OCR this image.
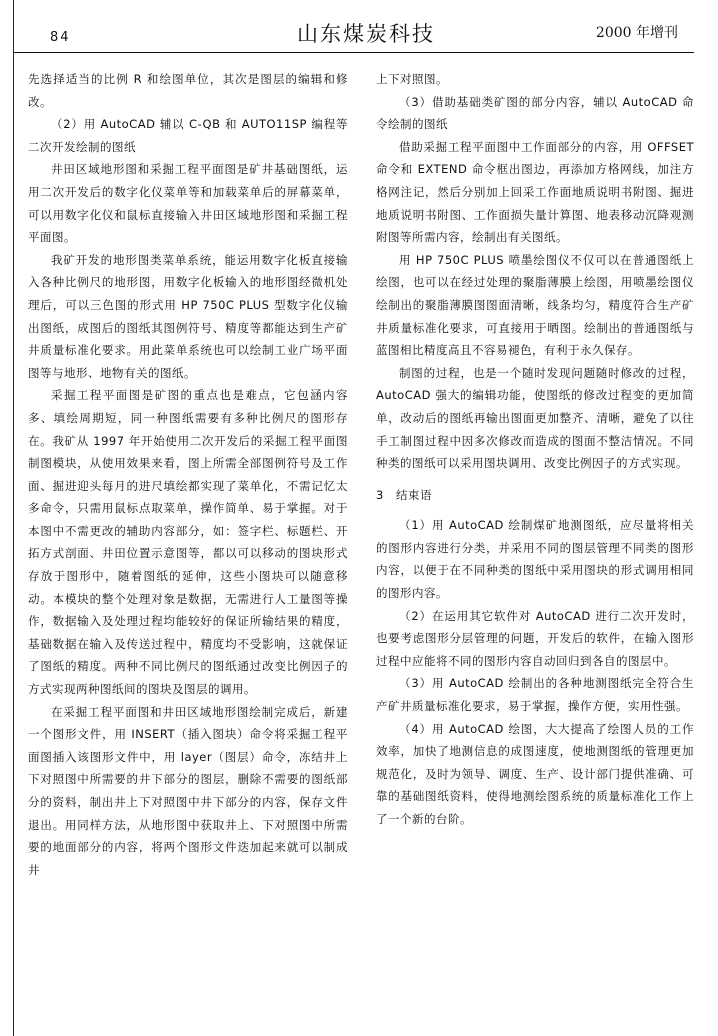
84	山东煤炭科技	2000 年增刊

先选择适当的比例 R 和绘图单位，其次是图层的编辑和修改。

（2）用 AutoCAD 辅以 C-QB 和 AUTO11SP 编程等二次开发绘制的图纸

井田区域地形图和采掘工程平面图是矿井基础图纸，运用二次开发后的数字化仪菜单等和加载菜单后的屏幕菜单，可以用数字化仪和鼠标直接输入井田区域地形图和采掘工程平面图。

我矿开发的地形图类菜单系统，能运用数字化板直接输入各种比例尺的地形图，用数字化板输入的地形图经微机处理后，可以三色图的形式用 HP 750C PLUS 型数字化仪输出图纸，成图后的图纸其图例符号、精度等都能达到生产矿井质量标准化要求。用此菜单系统也可以绘制工业广场平面图等与地形、地物有关的图纸。

采掘工程平面图是矿图的重点也是难点，它包涵内容多、填绘周期短，同一种图纸需要有多种比例尺的图形存在。我矿从 1997 年开始使用二次开发后的采掘工程平面图制图模块，从使用效果来看，图上所需全部图例符号及工作面、掘进迎头每月的进尺填绘都实现了菜单化，不需记忆太多命令，只需用鼠标点取菜单，操作简单、易于掌握。对于本图中不需更改的辅助内容部分，如：签字栏、标题栏、开拓方式剖面、井田位置示意图等，都以可以移动的图块形式存放于图形中，随着图纸的延伸，这些小图块可以随意移动。本模块的整个处理对象是数据，无需进行人工量图等操作，数据输入及处理过程均能较好的保证所输结果的精度，基础数据在输入及传送过程中，精度均不受影响，这就保证了图纸的精度。两种不同比例尺的图纸通过改变比例因子的方式实现两种图纸间的图块及图层的调用。

在采掘工程平面图和井田区域地形图绘制完成后，新建一个图形文件，用 INSERT（插入图块）命令将采掘工程平面图插入该图形文件中，用 layer（图层）命令，冻结井上下对照图中所需要的井下部分的图层，删除不需要的图纸部分的资料，制出井上下对照图中井下部分的内容，保存文件退出。用同样方法，从地形图中获取井上、下对照图中所需要的地面部分的内容，将两个图形文件迭加起来就可以制成井

上下对照图。

（3）借助基础类矿图的部分内容，辅以 AutoCAD 命令绘制的图纸

借助采掘工程平面图中工作面部分的内容，用 OFFSET 命令和 EXTEND 命令框出图边，再添加方格网线，加注方格网注记，然后分别加上回采工作面地质说明书附图、掘进地质说明书附图、工作面损失量计算图、地表移动沉降观测附图等所需内容，绘制出有关图纸。

用 HP 750C PLUS 喷墨绘图仪不仅可以在普通图纸上绘图，也可以在经过处理的聚脂薄膜上绘图，用喷墨绘图仪绘制出的聚脂薄膜图图面清晰，线条均匀，精度符合生产矿井质量标准化要求，可直接用于晒图。绘制出的普通图纸与蓝图相比精度高且不容易褪色，有利于永久保存。

制图的过程，也是一个随时发现问题随时修改的过程，AutoCAD 强大的编辑功能，使图纸的修改过程变的更加简单，改动后的图纸再输出图面更加整齐、清晰，避免了以往手工制图过程中因多次修改而造成的图面不整洁情况。不同种类的图纸可以采用图块调用、改变比例因子的方式实现。

3 结束语

（1）用 AutoCAD 绘制煤矿地测图纸，应尽量将相关的图形内容进行分类，并采用不同的图层管理不同类的图形内容，以便于在不同种类的图纸中采用图块的形式调用相同的图形内容。

（2）在运用其它软件对 AutoCAD 进行二次开发时，也要考虑图形分层管理的问题，开发后的软件，在输入图形过程中应能将不同的图形内容自动回归到各自的图层中。

（3）用 AutoCAD 绘制出的各种地测图纸完全符合生产矿井质量标准化要求，易于掌握，操作方便，实用性强。

（4）用 AutoCAD 绘图，大大提高了绘图人员的工作效率，加快了地测信息的成图速度，使地测图纸的管理更加规范化，及时为领导、调度、生产、设计部门提供准确、可靠的基础图纸资料，使得地测绘图系统的质量标准化工作上了一个新的台阶。
